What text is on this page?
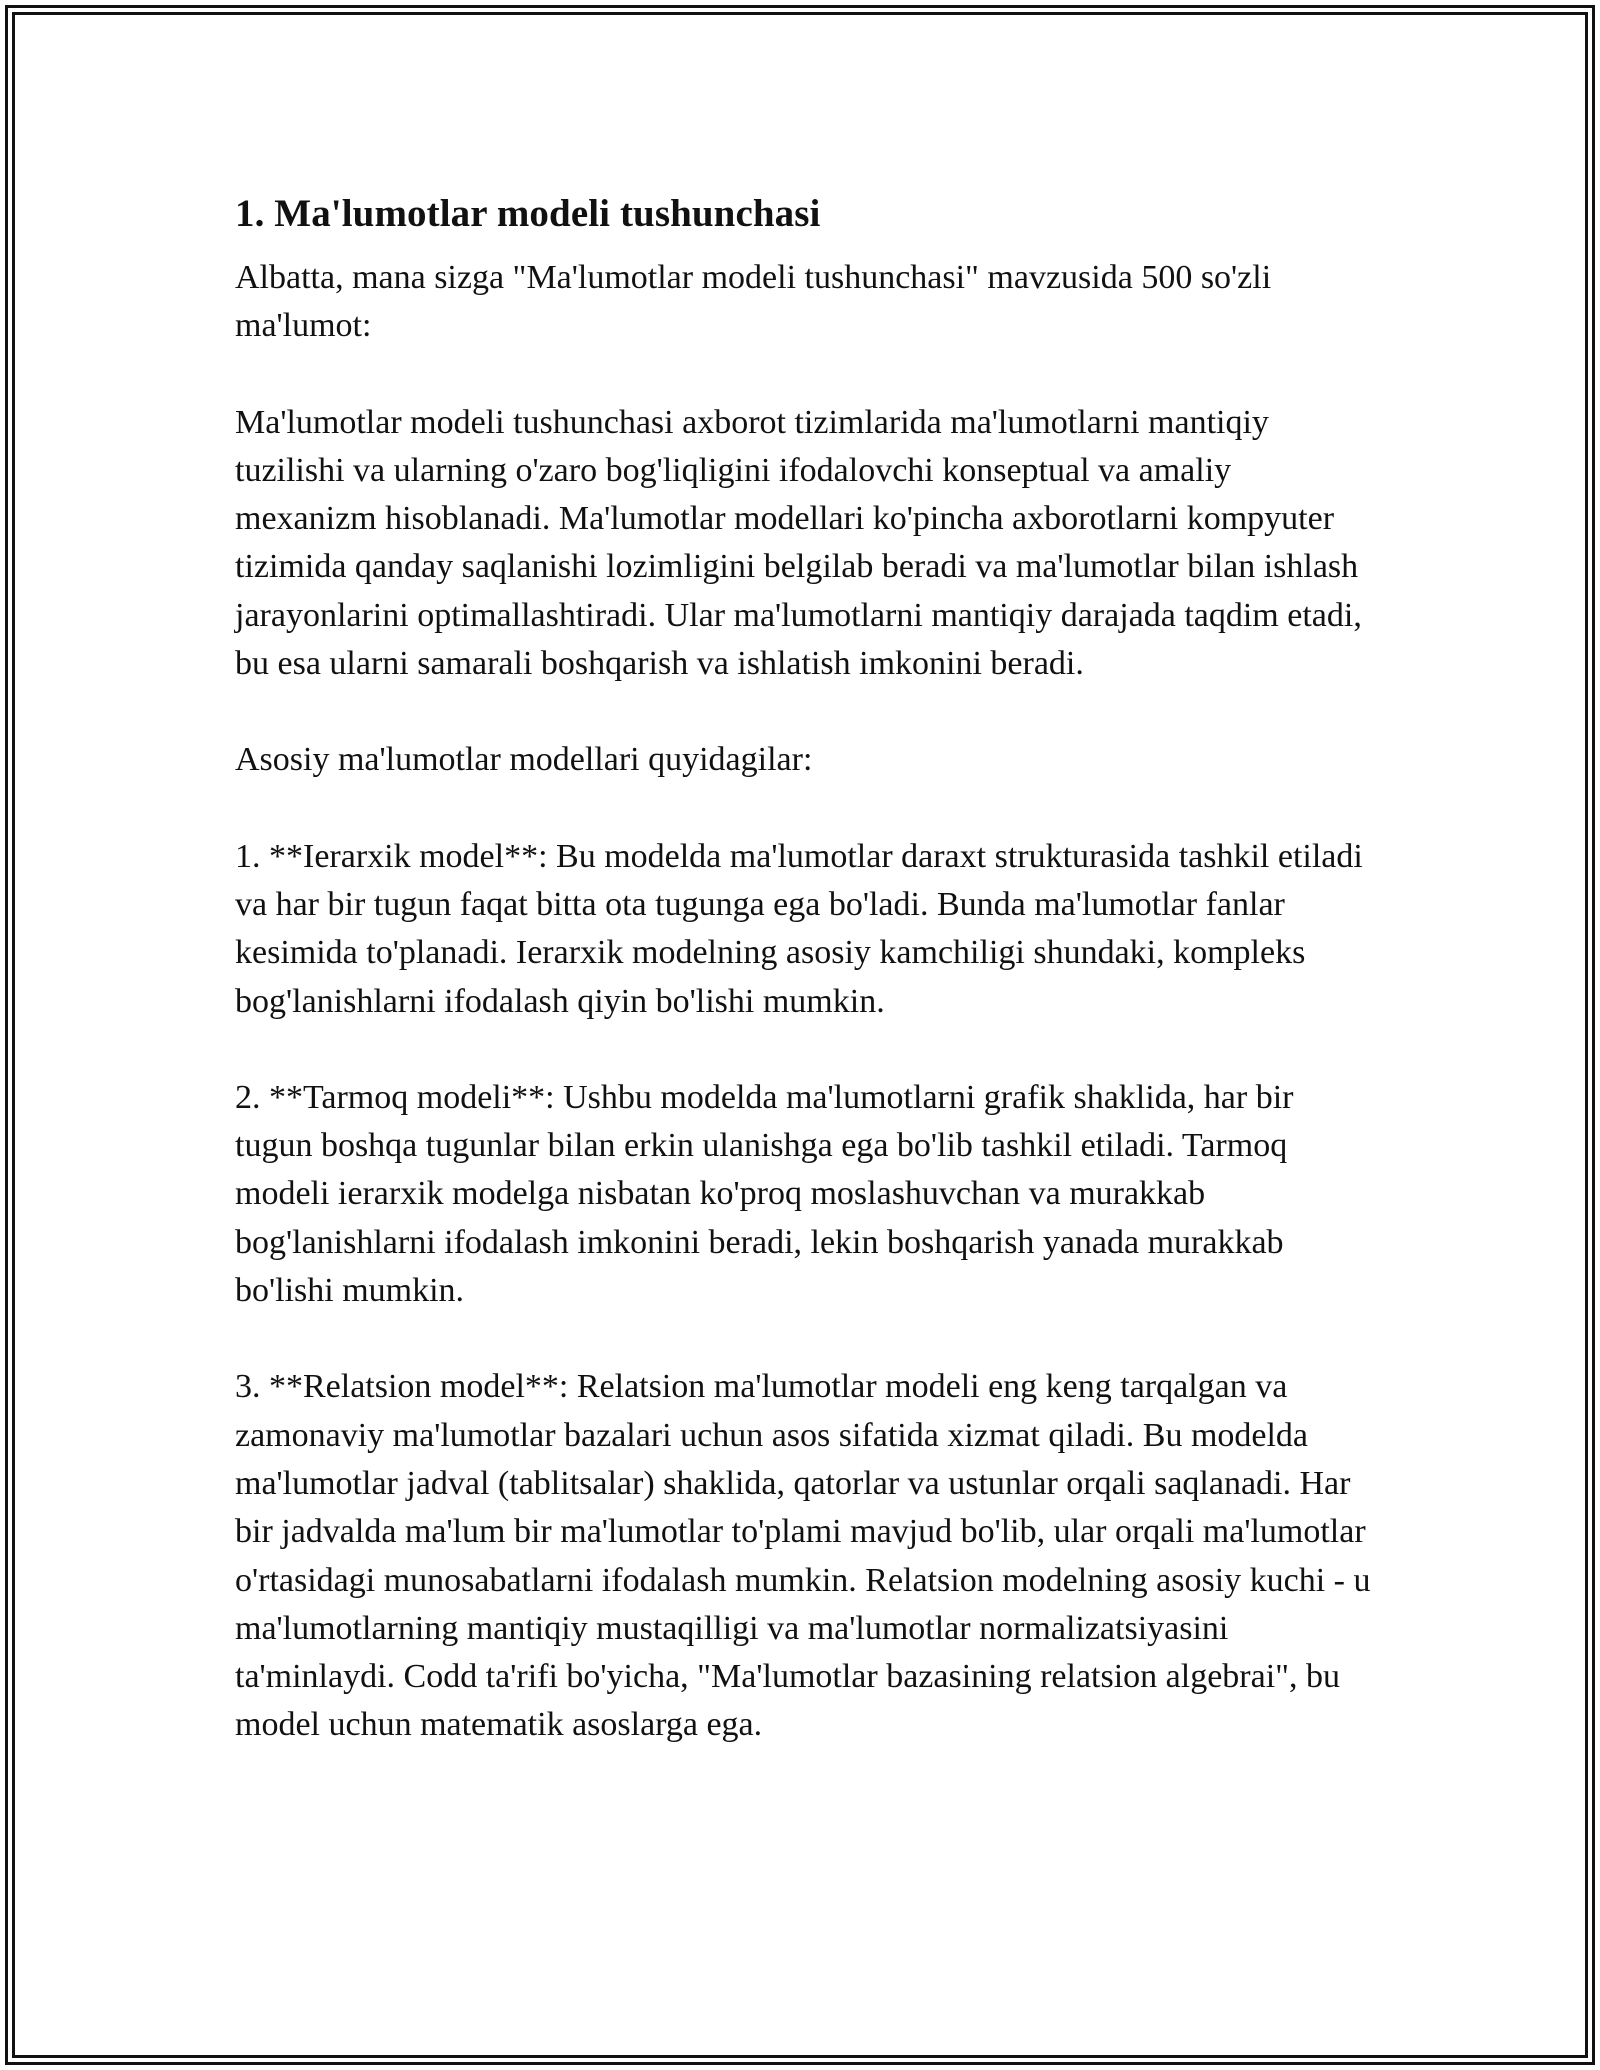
1. Ma'lumotlar modeli tushunchasi

Albatta, mana sizga "Ma'lumotlar modeli tushunchasi" mavzusida 500 so'zli ma'lumot:

Ma'lumotlar modeli tushunchasi axborot tizimlarida ma'lumotlarni mantiqiy tuzilishi va ularning o'zaro bog'liqligini ifodalovchi konseptual va amaliy mexanizm hisoblanadi. Ma'lumotlar modellari ko'pincha axborotlarni kompyuter tizimida qanday saqlanishi lozimligini belgilab beradi va ma'lumotlar bilan ishlash jarayonlarini optimallashtiradi. Ular ma'lumotlarni mantiqiy darajada taqdim etadi, bu esa ularni samarali boshqarish va ishlatish imkonini beradi.

Asosiy ma'lumotlar modellari quyidagilar:

1. **Ierarxik model**: Bu modelda ma'lumotlar daraxt strukturasida tashkil etiladi va har bir tugun faqat bitta ota tugunga ega bo'ladi. Bunda ma'lumotlar fanlar kesimida to'planadi. Ierarxik modelning asosiy kamchiligi shundaki, kompleks bog'lanishlarni ifodalash qiyin bo'lishi mumkin.

2. **Tarmoq modeli**: Ushbu modelda ma'lumotlarni grafik shaklida, har bir tugun boshqa tugunlar bilan erkin ulanishga ega bo'lib tashkil etiladi. Tarmoq modeli ierarxik modelga nisbatan ko'proq moslashuvchan va murakkab bog'lanishlarni ifodalash imkonini beradi, lekin boshqarish yanada murakkab bo'lishi mumkin.

3. **Relatsion model**: Relatsion ma'lumotlar modeli eng keng tarqalgan va zamonaviy ma'lumotlar bazalari uchun asos sifatida xizmat qiladi. Bu modelda ma'lumotlar jadval (tablitsalar) shaklida, qatorlar va ustunlar orqali saqlanadi. Har bir jadvalda ma'lum bir ma'lumotlar to'plami mavjud bo'lib, ular orqali ma'lumotlar o'rtasidagi munosabatlarni ifodalash mumkin. Relatsion modelning asosiy kuchi - u ma'lumotlarning mantiqiy mustaqilligi va ma'lumotlar normalizatsiyasini ta'minlaydi. Codd ta'rifi bo'yicha, "Ma'lumotlar bazasining relatsion algebrai", bu model uchun matematik asoslarga ega.
